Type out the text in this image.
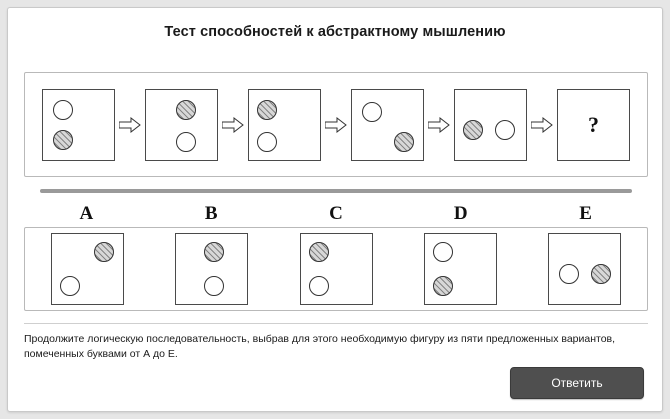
Тест способностей к абстрактному мышлению
?
A	B	C	D	E
Продолжите логическую последовательность, выбрав для этого необходимую фигуру из пяти предложенных вариантов, помеченных буквами от А до Е.
Ответить
